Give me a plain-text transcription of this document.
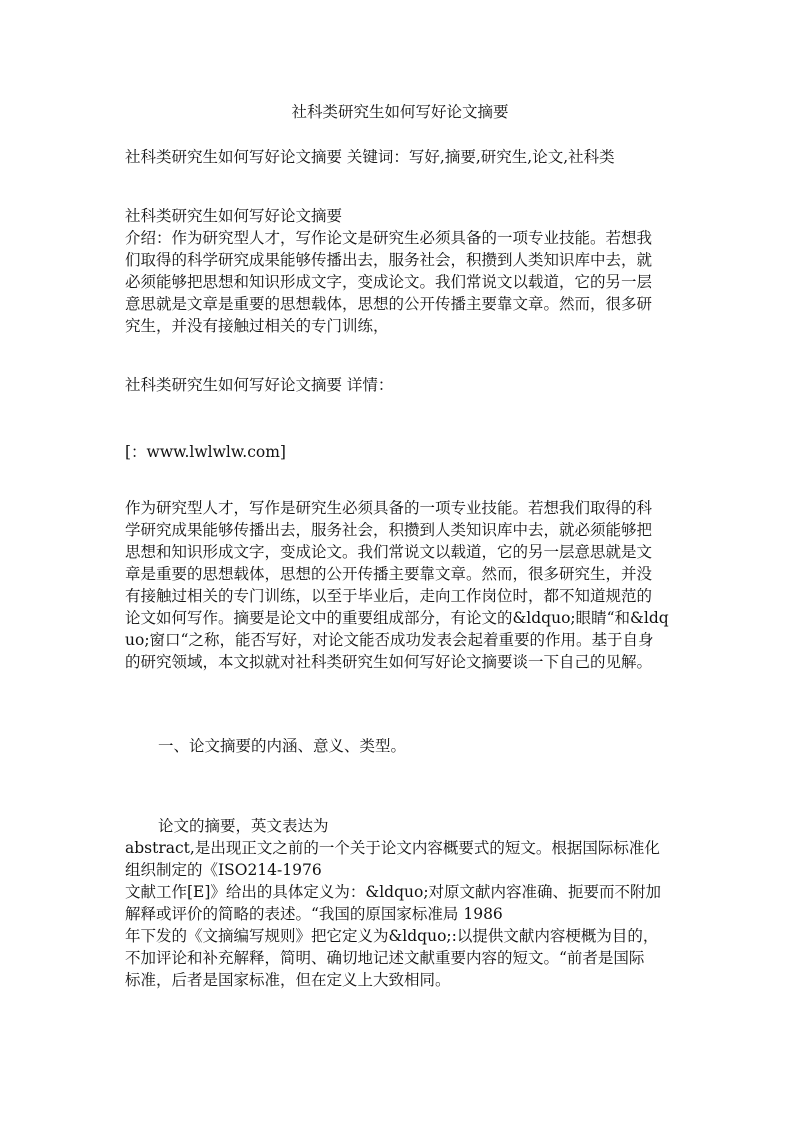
社科类研究生如何写好论文摘要
社科类研究生如何写好论文摘要 关键词：写好,摘要,研究生,论文,社科类
社科类研究生如何写好论文摘要
介绍：作为研究型人才，写作论文是研究生必须具备的一项专业技能。若想我
们取得的科学研究成果能够传播出去，服务社会，积攒到人类知识库中去，就
必须能够把思想和知识形成文字，变成论文。我们常说文以载道，它的另一层
意思就是文章是重要的思想载体，思想的公开传播主要靠文章。然而，很多研
究生，并没有接触过相关的专门训练，
社科类研究生如何写好论文摘要 详情：
[：www.lwlwlw.com]
作为研究型人才，写作是研究生必须具备的一项专业技能。若想我们取得的科
学研究成果能够传播出去，服务社会，积攒到人类知识库中去，就必须能够把
思想和知识形成文字，变成论文。我们常说文以载道，它的另一层意思就是文
章是重要的思想载体，思想的公开传播主要靠文章。然而，很多研究生，并没
有接触过相关的专门训练，以至于毕业后，走向工作岗位时，都不知道规范的
论文如何写作。摘要是论文中的重要组成部分，有论文的&ldquo;眼睛“和&ldq
uo;窗口“之称，能否写好，对论文能否成功发表会起着重要的作用。基于自身
的研究领域，本文拟就对社科类研究生如何写好论文摘要谈一下自己的见解。
一、论文摘要的内涵、意义、类型。
论文的摘要，英文表达为
abstract,是出现正文之前的一个关于论文内容概要式的短文。根据国际标准化
组织制定的《ISO214-1976
文献工作[E]》给出的具体定义为：&ldquo;对原文献内容准确、扼要而不附加
解释或评价的简略的表述。“我国的原国家标准局 1986
年下发的《文摘编写规则》把它定义为&ldquo;:以提供文献内容梗概为目的，
不加评论和补充解释，简明、确切地记述文献重要内容的短文。“前者是国际
标准，后者是国家标准，但在定义上大致相同。
